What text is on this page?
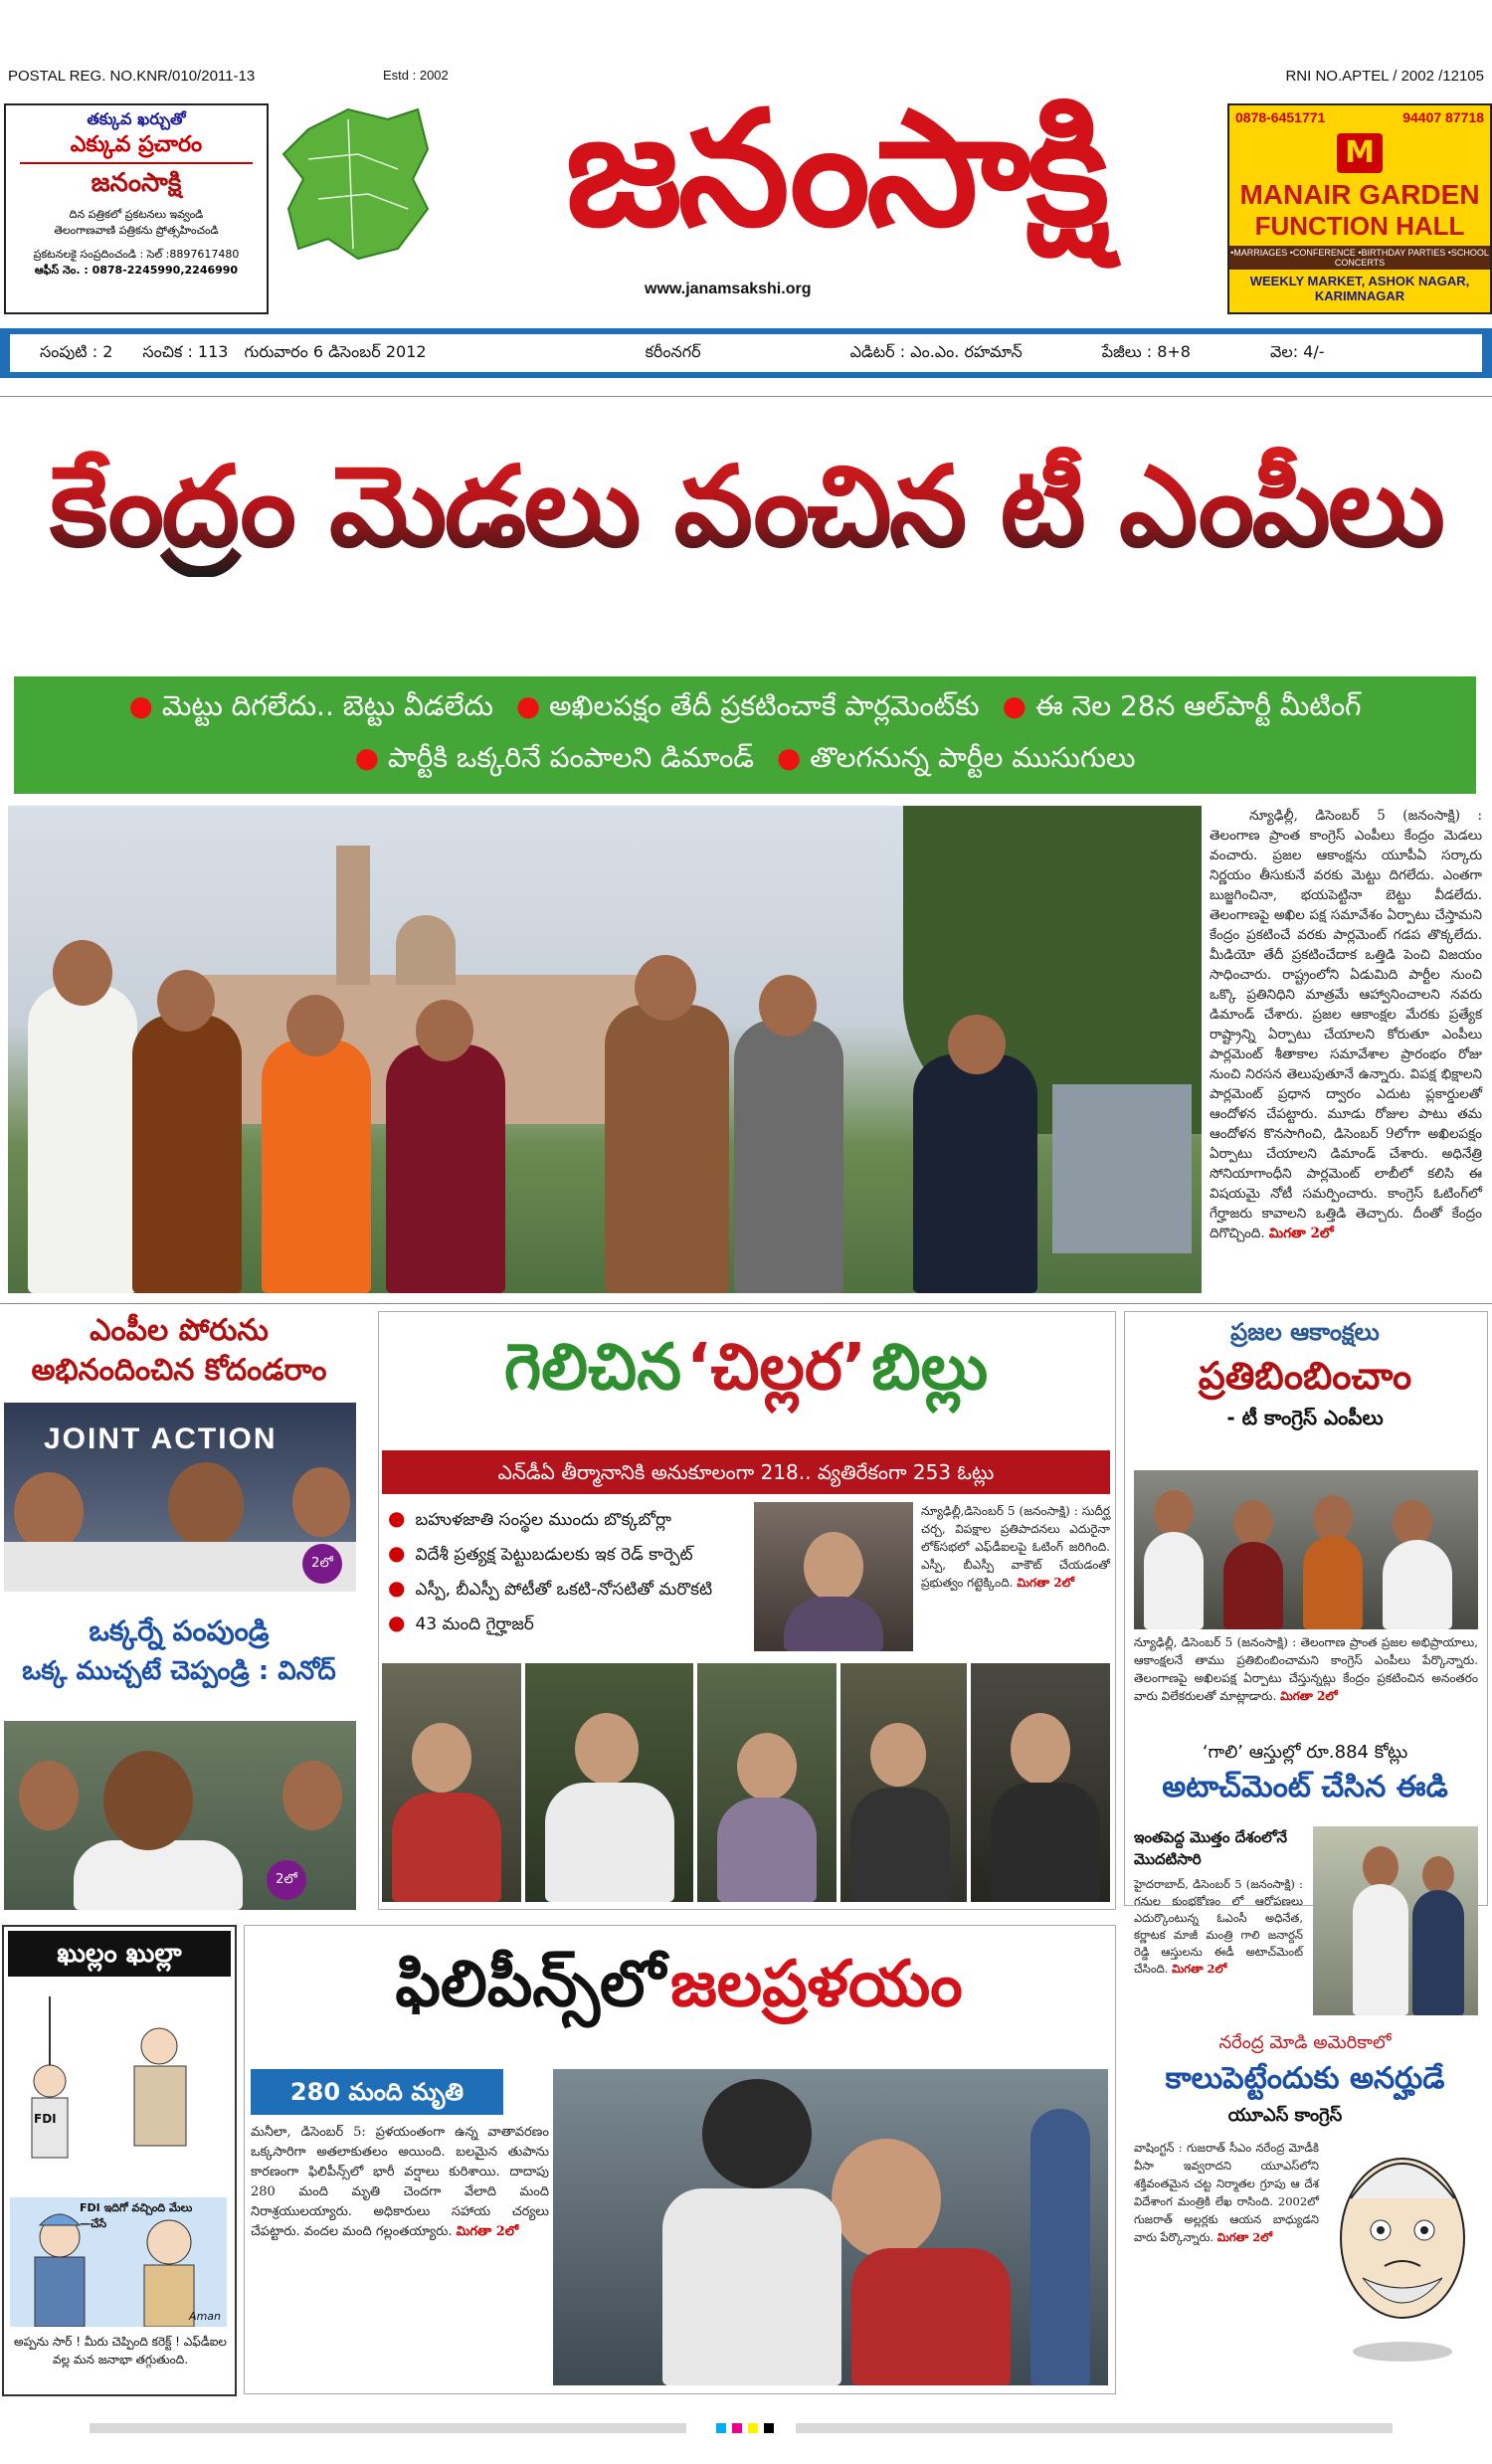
POSTAL REG. NO.KNR/010/2011-13	Estd : 2002	RNI NO.APTEL / 2002 /12105
తక్కువ ఖర్చుతో
ఎక్కువ ప్రచారం
జనంసాక్షి
దిన పత్రికలో ప్రకటనలు ఇవ్వండి
తెలంగాణవాణి పత్రికను ప్రోత్సహించండి
ప్రకటనలకై సంప్రదించండి : సెల్ :8897617480
ఆఫీస్ నెం. : 0878-2245990,2246990
జనంసాక్షి
www.janamsakshi.org
0878-6451771	94407 87718
M
MANAIR GARDEN
FUNCTION HALL
•MARRIAGES •CONFERENCE •BIRTHDAY PARTIES •SCHOOL CONCERTS
WEEKLY MARKET, ASHOK NAGAR, KARIMNAGAR
సంపుటి : 2 సంచిక : 113 గురువారం 6 డిసెంబర్ 2012	కరీంనగర్	ఎడిటర్ : ఎం.ఎం. రహమాన్	పేజీలు : 8+8	వెల: 4/-
కేంద్రం మెడలు వంచిన టీ ఎంపీలు
● మెట్టు దిగలేదు.. బెట్టు వీడలేదు ● అఖిలపక్షం తేదీ ప్రకటించాకే పార్లమెంట్‌కు ● ఈ నెల 28న ఆల్‌పార్టీ మీటింగ్
● పార్టీకి ఒక్కరినే పంపాలని డిమాండ్ ● తొలగనున్న పార్టీల ముసుగులు
న్యూఢిల్లీ, డిసెంబర్ 5 (జనంసాక్షి) : తెలంగాణ ప్రాంత కాంగ్రెస్ ఎంపీలు కేంద్రం మెడలు వంచారు. ప్రజల ఆకాంక్షను యూపీఏ సర్కారు నిర్ణయం తీసుకునే వరకు మెట్టు దిగలేదు. ఎంతగా బుజ్జగించినా, భయపెట్టినా బెట్టు వీడలేదు. తెలంగాణపై అఖిల పక్ష సమావేశం ఏర్పాటు చేస్తామని కేంద్రం ప్రకటించే వరకు పార్లమెంట్ గడప తొక్కలేదు. మీడియో తేదీ ప్రకటించేదాక ఒత్తిడి పెంచి విజయం సాధించారు. రాష్ట్రంలోని ఏడుమిది పార్టీల నుంచి ఒక్కొ ప్రతినిధిని మాత్రమే ఆహ్వానించాలని నవరు డిమాండ్ చేశారు. ప్రజల ఆకాంక్షల మేరకు ప్రత్యేక రాష్ట్రాన్ని ఏర్పాటు చేయాలని కోరుతూ ఎంపీలు పార్లమెంట్ శీతాకాల సమావేశాల ప్రారంభం రోజు నుంచి నిరసన తెలుపుతూనే ఉన్నారు. విపక్ష భిక్షాలని పార్లమెంట్ ప్రధాన ద్వారం ఎదుట ప్లకార్డులతో ఆందోళన చేపట్టారు. మూడు రోజుల పాటు తమ ఆందోళన కొనసాగించి, డిసెంబర్ 9లోగా అఖిలపక్షం ఏర్పాటు చేయాలని డిమాండ్ చేశారు. అధినేత్రి సోనియాగాంధీని పార్లమెంట్ లాబీలో కలిసి ఈ విషయమై నోటీ సమర్పించారు. కాంగ్రెస్ ఓటింగ్‌లో గేర్హాజరు కావాలని ఒత్తిడి తెచ్చారు. దీంతో కేంద్రం దిగొచ్చింది. మిగతా 2లో
ఎంపీల పోరును
అభినందించిన కోదండరాం
JOINT ACTION
2లో
ఒక్కర్నే పంపుండ్రి
ఒక్క ముచ్చటే చెప్పండ్రి : వినోద్
2లో
ఖుల్లం ఖుల్లా
FDI
FDI ఇదిగో వచ్చింది మేలు—చేసే
Aman
అప్పను సార్ ! మీరు చెప్పింది కరెక్ట్ ! ఎఫ్‌డీఐల వల్ల మన జనాభా తగ్గుతుంది.
గెలిచిన ‘చిల్లర’ బిల్లు
ఎన్‌డీఏ తీర్మానానికి అనుకూలంగా 218.. వ్యతిరేకంగా 253 ఓట్లు
● బహుళజాతి సంస్థల ముందు బొక్కబోర్లా
● విదేశీ ప్రత్యక్ష పెట్టుబడులకు ఇక రెడ్ కార్పెట్
● ఎస్పీ, బీఎస్పీ పోటీతో ఒకటి-నోసటితో మరొకటి
● 43 మంది గైర్హాజర్
న్యూఢిల్లీ,డిసెంబర్ 5 (జనంసాక్షి) : సుదీర్ఘ చర్చ, విపక్షాల ప్రతిపాదనలు ఎదురైనా లోక్‌సభలో ఎఫ్‌డీఐలపై ఓటింగ్ జరిగింది. ఎస్పీ, బీఎస్పీ వాకౌట్ చేయడంతో ప్రభుత్వం గట్టెక్కింది. మిగతా 2లో
ఫిలిపీన్స్‌లో జలప్రళయం
280 మంది మృతి
మనీలా, డిసెంబర్ 5: ప్రళయంతంగా ఉన్న వాతావరణం ఒక్కసారిగా అతలాకుతలం అయింది. బలమైన తుపాను కారణంగా ఫిలిపీన్స్‌లో భారీ వర్షాలు కురిశాయి. దాదాపు 280 మంది మృతి చెందగా వేలాది మంది నిరాశ్రయులయ్యారు. అధికారులు సహాయ చర్యలు చేపట్టారు. వందల మంది గల్లంతయ్యారు. మిగతా 2లో
ప్రజల ఆకాంక్షలు
ప్రతిబింబించాం
- టీ కాంగ్రెస్ ఎంపీలు
న్యూఢిల్లీ, డిసెంబర్ 5 (జనంసాక్షి) : తెలంగాణ ప్రాంత ప్రజల అభిప్రాయాలు, ఆకాంక్షలనే తాము ప్రతిబింబించామని కాంగ్రెస్ ఎంపీలు పేర్కొన్నారు. తెలంగాణపై అఖిలపక్ష ఏర్పాటు చేస్తున్నట్లు కేంద్రం ప్రకటించిన అనంతరం వారు విలేకరులతో మాట్లాడారు. మిగతా 2లో
‘గాలి’ ఆస్తుల్లో రూ.884 కోట్లు
అటాచ్‌మెంట్ చేసిన ఈడి
ఇంతపెద్ద మొత్తం దేశంలోనే
మొదటిసారి
హైదరాబాద్, డిసెంబర్ 5 (జనంసాక్షి) : గనుల కుంభకోణం లో ఆరోపణలు ఎదుర్కొంటున్న ఓఎంసీ అధినేత, కర్ణాటక మాజీ మంత్రి గాలి జనార్దన్ రెడ్డి ఆస్తులను ఈడీ అటాచ్‌మెంట్ చేసింది. మిగతా 2లో
నరేంద్ర మోడి అమెరికాలో
కాలుపెట్టేందుకు అనర్హుడే
యూఎస్ కాంగ్రెస్
వాషింగ్టన్ : గుజరాత్ సీఎం నరేంద్ర మోడీకి వీసా ఇవ్వరాదని యూఎస్‌లోని శక్తివంతమైన చట్ట నిర్మాతల గ్రూపు ఆ దేశ విదేశాంగ మంత్రికి లేఖ రాసింది. 2002లో గుజరాత్ అల్లర్లకు ఆయన బాధ్యుడని వారు పేర్కొన్నారు. మిగతా 2లో
